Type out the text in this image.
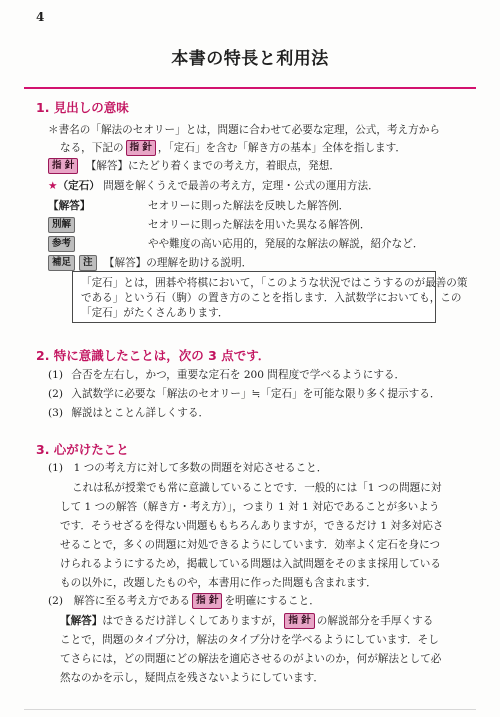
4
本書の特長と利用法
1. 見出しの意味
＊書名の「解法のセオリー」とは，問題に合わせて必要な定理，公式，考え方から
なる，下記の 指 針 ，「定石」を含む「解き方の基本」全体を指します．
指 針 【解答】にたどり着くまでの考え方，着眼点，発想．
★（定石） 問題を解くうえで最善の考え方，定理・公式の運用方法．
【解答】	セオリーに則った解法を反映した解答例．
別解	セオリーに則った解法を用いた異なる解答例．
参考	やや難度の高い応用的，発展的な解法の解説，紹介など．
補足 注 【解答】の理解を助ける説明．
「定石」とは，囲碁や将棋において，「このような状況ではこうするのが最善の策
である」という石（駒）の置き方のことを指します．入試数学においても，この
「定石」がたくさんあります．
2. 特に意識したことは，次の 3 点です．
(1) 合否を左右し，かつ，重要な定石を 200 問程度で学べるようにする．
(2) 入試数学に必要な「解法のセオリー」≒「定石」を可能な限り多く提示する．
(3) 解説はとことん詳しくする．
3. 心がけたこと
(1)　1 つの考え方に対して多数の問題を対応させること．
これは私が授業でも常に意識していることです．一般的には「1 つの問題に対
して 1 つの解答（解き方・考え方）」，つまり 1 対 1 対応であることが多いよう
です．そうせざるを得ない問題ももちろんありますが，できるだけ 1 対多対応さ
せることで，多くの問題に対処できるようにしています．効率よく定石を身につ
けられるようにするため，掲載している問題は入試問題をそのまま採用している
もの以外に，改題したものや，本書用に作った問題も含まれます．
(2)　解答に至る考え方である 指 針 を明確にすること．
【解答】はできるだけ詳しくしてありますが， 指 針 の解説部分を手厚くする
ことで，問題のタイプ分け，解法のタイプ分けを学べるようにしています．そし
てさらには，どの問題にどの解法を適応させるのがよいのか，何が解法として必
然なのかを示し，疑問点を残さないようにしています．
